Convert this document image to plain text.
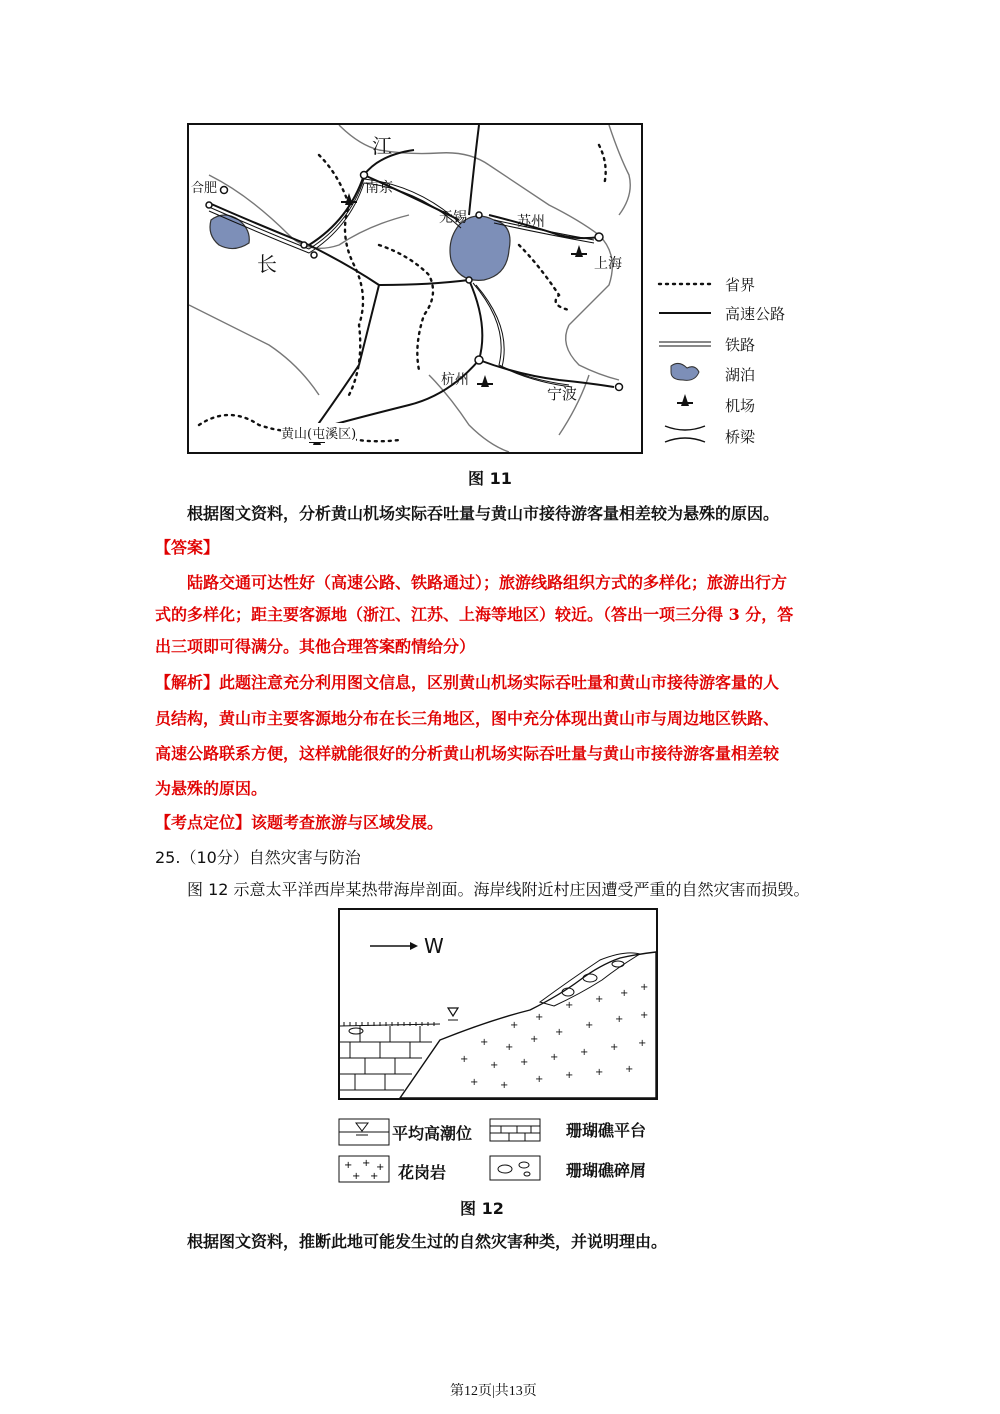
江
长
南京
合肥
无锡	苏州
上海
杭州
宁波
黄山(屯溪区)
省界
高速公路
铁路
湖泊
机场
桥梁
图 11
根据图文资料，分析黄山机场实际吞吐量与黄山市接待游客量相差较为悬殊的原因。
【答案】
陆路交通可达性好（高速公路、铁路通过）；旅游线路组织方式的多样化；旅游出行方
式的多样化；距主要客源地（浙江、江苏、上海等地区）较近。（答出一项三分得 3 分，答
出三项即可得满分。其他合理答案酌情给分）
【解析】此题注意充分利用图文信息，区别黄山机场实际吞吐量和黄山市接待游客量的人
员结构，黄山市主要客源地分布在长三角地区，图中充分体现出黄山市与周边地区铁路、
高速公路联系方便，这样就能很好的分析黄山机场实际吞吐量与黄山市接待游客量相差较
为悬殊的原因。
【考点定位】该题考查旅游与区域发展。
25.（10分）自然灾害与防治
图 12 示意太平洋西岸某热带海岸剖面。海岸线附近村庄因遭受严重的自然灾害而损毁。
+
+
+
+
+
+
+ +
+
+
+
+ +
+
+ + + + + +
+ +
+ + + +
W
+ + +
+ +
平均高潮位
花岗岩
珊瑚礁平台
珊瑚礁碎屑
图 12
根据图文资料，推断此地可能发生过的自然灾害种类，并说明理由。
第12页|共13页
